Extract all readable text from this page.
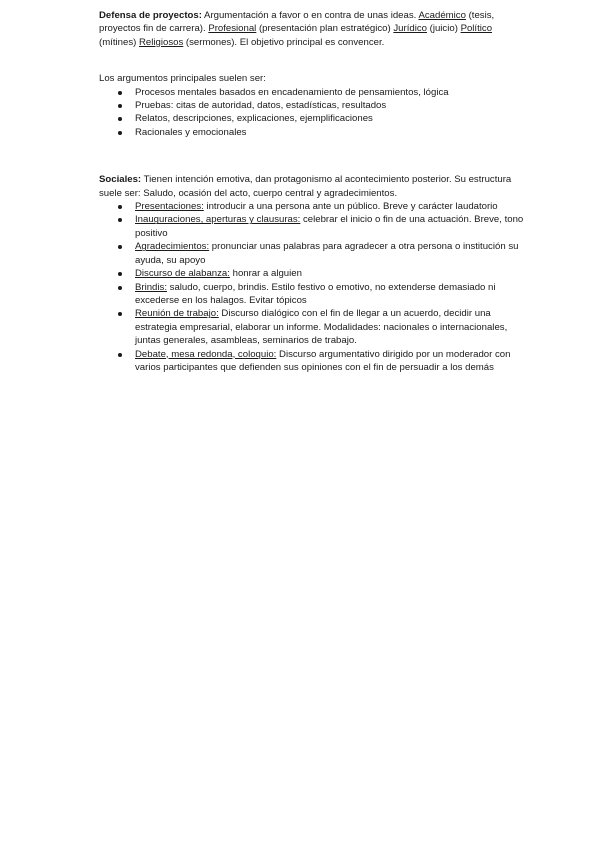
Defensa de proyectos: Argumentación a favor o en contra de unas ideas. Académico (tesis, proyectos fin de carrera). Profesional (presentación plan estratégico) Jurídico (juicio) Político (mítines) Religiosos (sermones). El objetivo principal es convencer.

Los argumentos principales suelen ser:

Procesos mentales basados en encadenamiento de pensamientos, lógica
Pruebas: citas de autoridad, datos, estadísticas, resultados
Relatos, descripciones, explicaciones, ejemplificaciones
Racionales y emocionales

Sociales: Tienen intención emotiva, dan protagonismo al acontecimiento posterior. Su estructura suele ser: Saludo, ocasión del acto, cuerpo central y agradecimientos.

Presentaciones: introducir a una persona ante un público. Breve y carácter laudatorio
Inauguraciones, aperturas y clausuras: celebrar el inicio o fin de una actuación. Breve, tono positivo
Agradecimientos: pronunciar unas palabras para agradecer a otra persona o institución su ayuda, su apoyo
Discurso de alabanza: honrar a alguien
Brindis: saludo, cuerpo, brindis. Estilo festivo o emotivo, no extenderse demasiado ni excederse en los halagos. Evitar tópicos
Reunión de trabajo: Discurso dialógico con el fin de llegar a un acuerdo, decidir una estrategia empresarial, elaborar un informe. Modalidades: nacionales o internacionales, juntas generales, asambleas, seminarios de trabajo.
Debate, mesa redonda, coloquio: Discurso argumentativo dirigido por un moderador con varios participantes que defienden sus opiniones con el fin de persuadir a los demás
